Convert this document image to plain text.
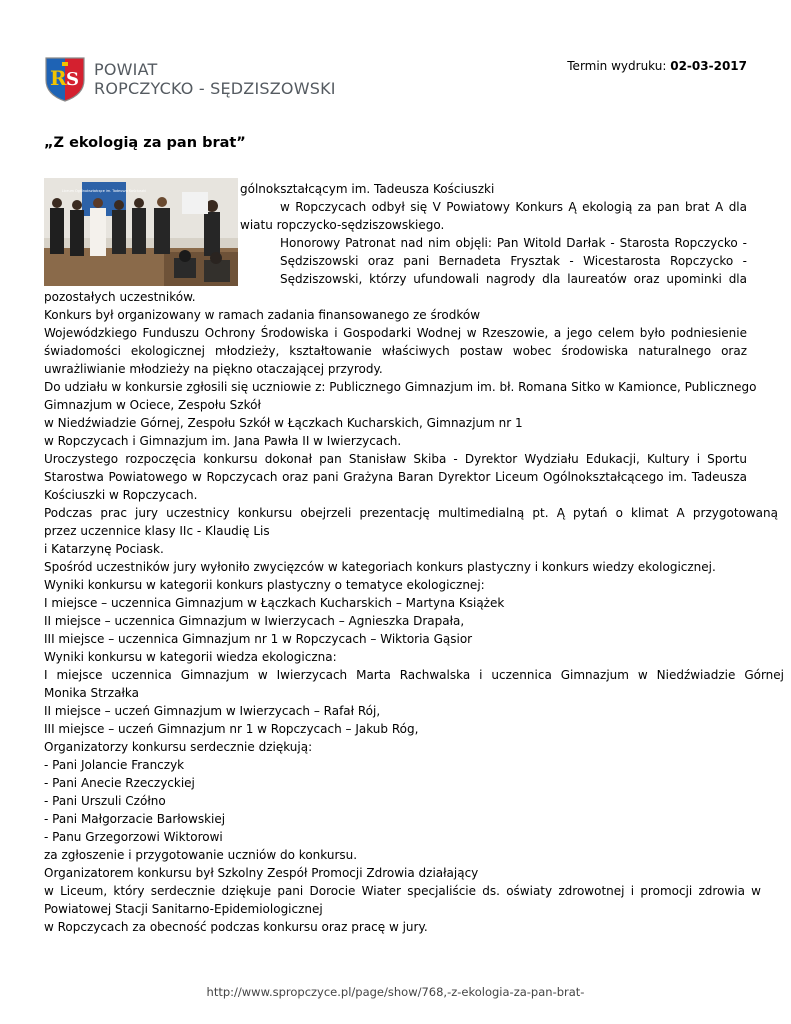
R S POWIAT
ROPCZYCKO - SĘDZISZOWSKI
Termin wydruku: 02-03-2017
„Z ekologią za pan brat”
Liceum Ogólnokształcące im. Tadeusza Kościuszki	gólnokształcącym im. Tadeusza Kościuszki
w Ropczycach odbył się V Powiatowy Konkurs Ą ekologią za pan brat A dla
wiatu ropczycko-sędziszowskiego.
Honorowy Patronat nad nim objęli: Pan Witold Darłak - Starosta Ropczycko -
Sędziszowski oraz pani Bernadeta Frysztak - Wicestarosta Ropczycko -
Sędziszowski, którzy ufundowali nagrody dla laureatów oraz upominki dla
pozostałych uczestników.
Konkurs był organizowany w ramach zadania finansowanego ze środków
Wojewódzkiego Funduszu Ochrony Środowiska i Gospodarki Wodnej w Rzeszowie, a jego celem było podniesienie
świadomości ekologicznej młodzieży, kształtowanie właściwych postaw wobec środowiska naturalnego oraz
uwrażliwianie młodzieży na piękno otaczającej przyrody.
Do udziału w konkursie zgłosili się uczniowie z: Publicznego Gimnazjum im. bł. Romana Sitko w Kamionce, Publicznego
Gimnazjum w Ociece, Zespołu Szkół
w Niedźwiadzie Górnej, Zespołu Szkół w Łączkach Kucharskich, Gimnazjum nr 1
w Ropczycach i Gimnazjum im. Jana Pawła II w Iwierzycach.
Uroczystego rozpoczęcia konkursu dokonał pan Stanisław Skiba - Dyrektor Wydziału Edukacji, Kultury i Sportu
Starostwa Powiatowego w Ropczycach oraz pani Grażyna Baran Dyrektor Liceum Ogólnokształcącego im. Tadeusza
Kościuszki w Ropczycach.
Podczas prac jury uczestnicy konkursu obejrzeli prezentację multimedialną pt. Ą pytań o klimat A przygotowaną
przez uczennice klasy IIc - Klaudię Lis
i Katarzynę Pociask.
Spośród uczestników jury wyłoniło zwycięzców w kategoriach konkurs plastyczny i konkurs wiedzy ekologicznej.
Wyniki konkursu w kategorii konkurs plastyczny o tematyce ekologicznej:
I miejsce – uczennica Gimnazjum w Łączkach Kucharskich – Martyna Książek
II miejsce – uczennica Gimnazjum w Iwierzycach – Agnieszka Drapała,
III miejsce – uczennica Gimnazjum nr 1 w Ropczycach – Wiktoria Gąsior
Wyniki konkursu w kategorii wiedza ekologiczna:
I miejsce uczennica Gimnazjum w Iwierzycach Marta Rachwalska i uczennica Gimnazjum w Niedźwiadzie Górnej
Monika Strzałka
II miejsce – uczeń Gimnazjum w Iwierzycach – Rafał Rój,
III miejsce – uczeń Gimnazjum nr 1 w Ropczycach – Jakub Róg,
Organizatorzy konkursu serdecznie dziękują:
- Pani Jolancie Franczyk
- Pani Anecie Rzeczyckiej
- Pani Urszuli Czółno
- Pani Małgorzacie Barłowskiej
- Panu Grzegorzowi Wiktorowi
za zgłoszenie i przygotowanie uczniów do konkursu.
Organizatorem konkursu był Szkolny Zespół Promocji Zdrowia działający
w Liceum, który serdecznie dziękuje pani Dorocie Wiater specjaliście ds. oświaty zdrowotnej i promocji zdrowia w
Powiatowej Stacji Sanitarno-Epidemiologicznej
w Ropczycach za obecność podczas konkursu oraz pracę w jury.
http://www.spropczyce.pl/page/show/768,-z-ekologia-za-pan-brat-
